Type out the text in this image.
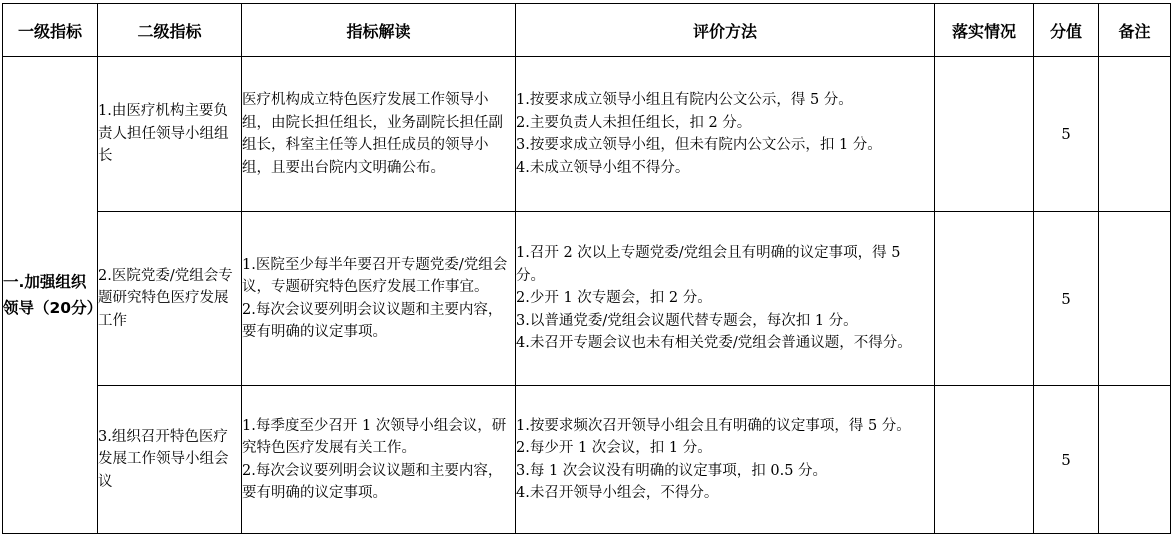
一级指标	二级指标	指标解读	评价方法	落实情况	分值	备注
一.加强组织领导（20分）	1.由医疗机构主要负责人担任领导小组组长	医疗机构成立特色医疗发展工作领导小组，由院长担任组长，业务副院长担任副组长，科室主任等人担任成员的领导小组，且要出台院内文明确公布。	1.按要求成立领导小组且有院内公文公示，得 5 分。
2.主要负责人未担任组长，扣 2 分。
3.按要求成立领导小组，但未有院内公文公示，扣 1 分。
4.未成立领导小组不得分。		5	
	2.医院党委/党组会专题研究特色医疗发展工作	1.医院至少每半年要召开专题党委/党组会议，专题研究特色医疗发展工作事宜。
2.每次会议要列明会议议题和主要内容，要有明确的议定事项。	1.召开 2 次以上专题党委/党组会且有明确的议定事项，得 5 分。
2.少开 1 次专题会，扣 2 分。
3.以普通党委/党组会议题代替专题会，每次扣 1 分。
4.未召开专题会议也未有相关党委/党组会普通议题，不得分。		5	
	3.组织召开特色医疗发展工作领导小组会议	1.每季度至少召开 1 次领导小组会议，研究特色医疗发展有关工作。
2.每次会议要列明会议议题和主要内容，要有明确的议定事项。	1.按要求频次召开领导小组会且有明确的议定事项，得 5 分。
2.每少开 1 次会议，扣 1 分。
3.每 1 次会议没有明确的议定事项，扣 0.5 分。
4.未召开领导小组会，不得分。		5	
